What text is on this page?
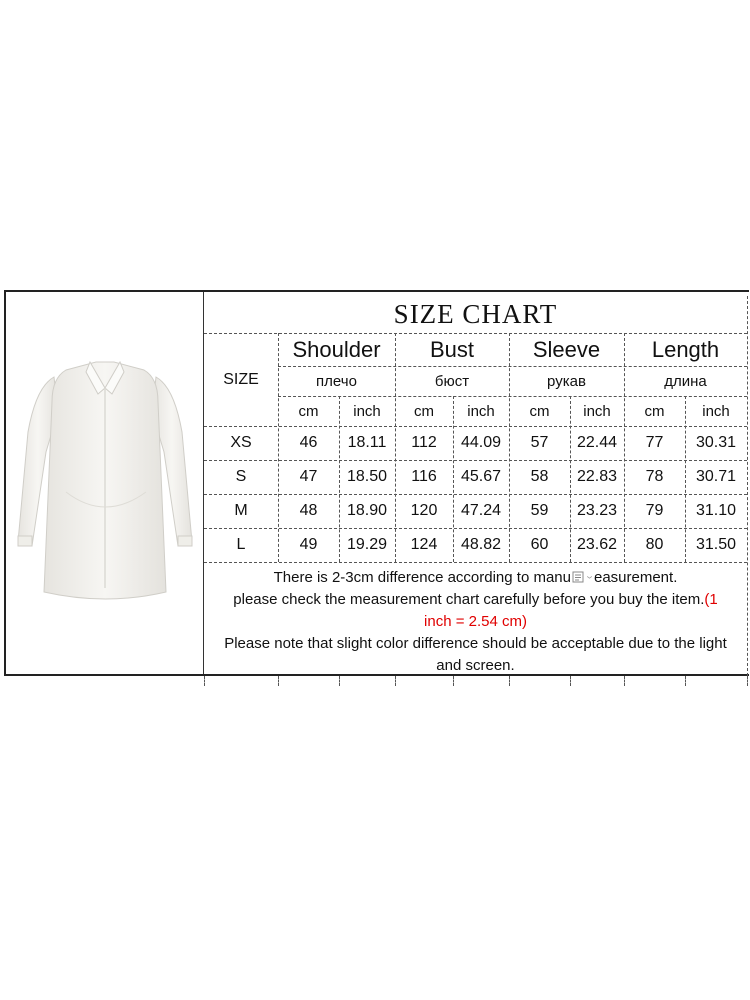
SIZE CHART
SIZE
Shoulder	Bust	Sleeve	Length
плечо	бюст	рукав	длина
cm	inch	cm	inch	cm	inch	cm	inch
XS	46	18.11	112	44.09	57	22.44	77	30.31
S	47	18.50	116	45.67	58	22.83	78	30.71
M	48	18.90	120	47.24	59	23.23	79	31.10
L	49	19.29	124	48.82	60	23.62	80	31.50
There is 2-3cm difference according to manu easurement.
please check the measurement chart carefully before you buy the item. (1
inch = 2.54 cm)
Please note that slight color difference should be acceptable due to the light
and screen.
